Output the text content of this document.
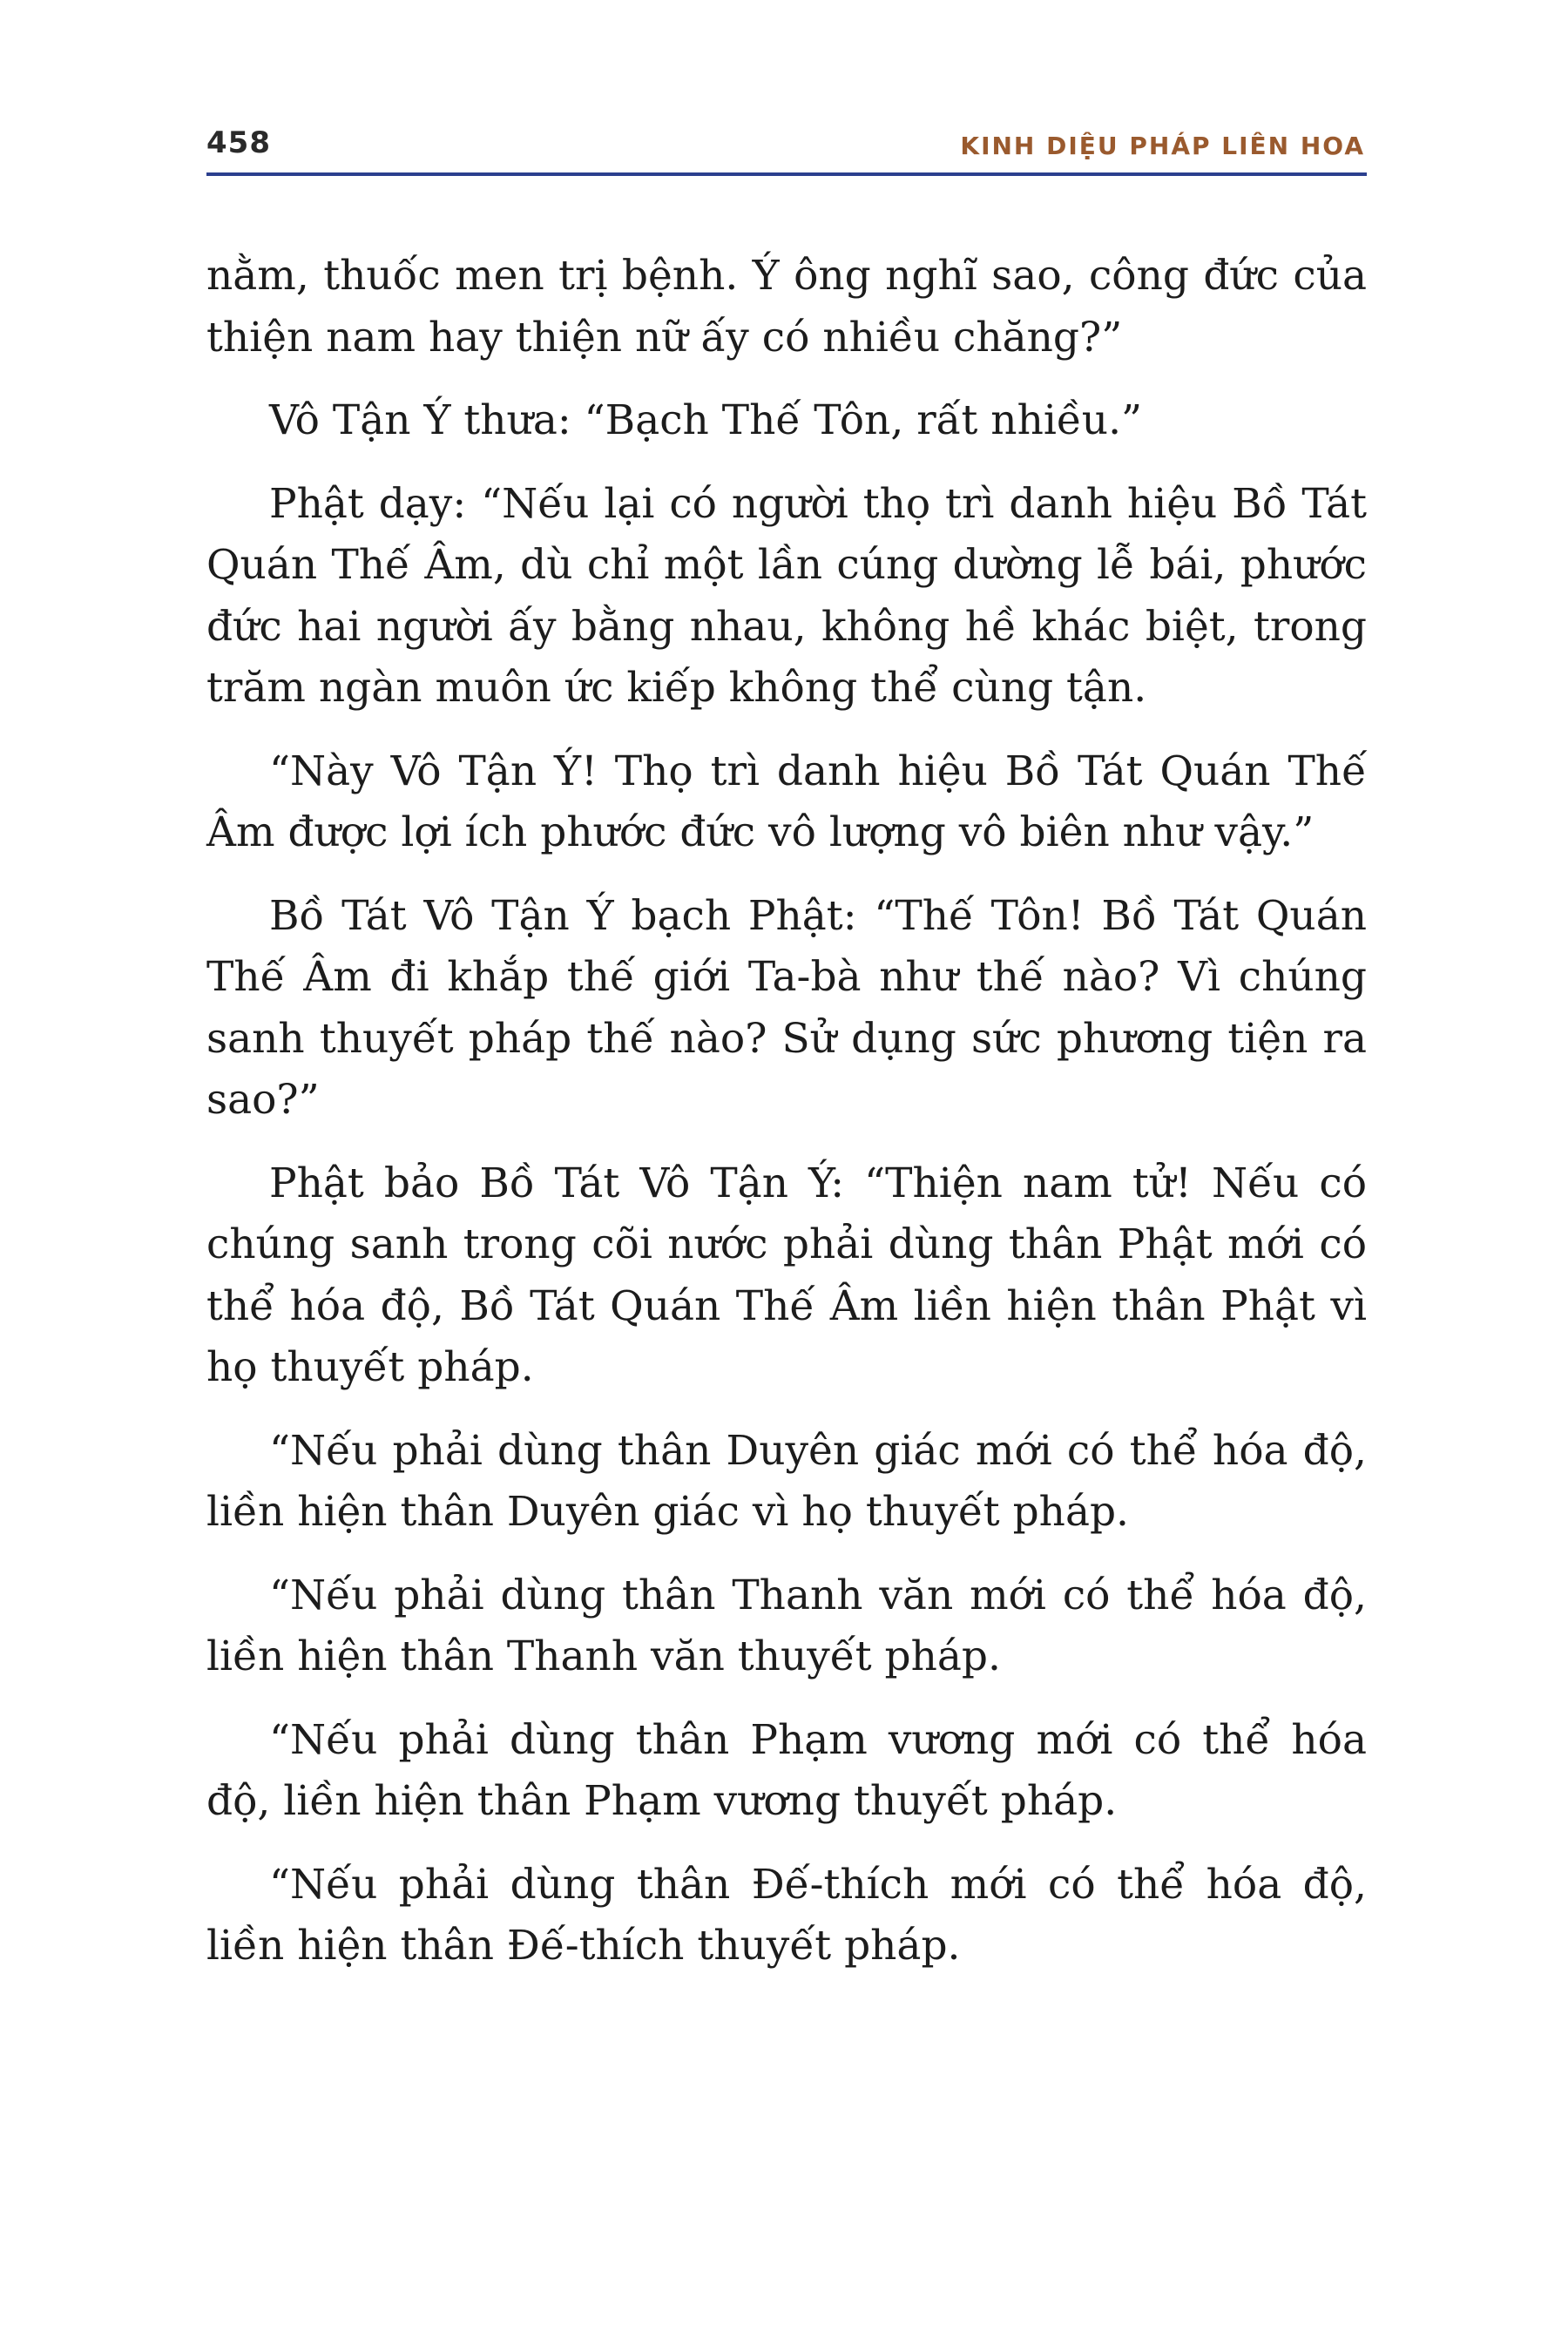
458	KINH DIỆU PHÁP LIÊN HOA

nằm, thuốc men trị bệnh. Ý ông nghĩ sao, công đức của thiện nam hay thiện nữ ấy có nhiều chăng?”

Vô Tận Ý thưa: “Bạch Thế Tôn, rất nhiều.”

Phật dạy: “Nếu lại có người thọ trì danh hiệu Bồ Tát Quán Thế Âm, dù chỉ một lần cúng dường lễ bái, phước đức hai người ấy bằng nhau, không hề khác biệt, trong trăm ngàn muôn ức kiếp không thể cùng tận.

“Này Vô Tận Ý! Thọ trì danh hiệu Bồ Tát Quán Thế Âm được lợi ích phước đức vô lượng vô biên như vậy.”

Bồ Tát Vô Tận Ý bạch Phật: “Thế Tôn! Bồ Tát Quán Thế Âm đi khắp thế giới Ta-bà như thế nào? Vì chúng sanh thuyết pháp thế nào? Sử dụng sức phương tiện ra sao?”

Phật bảo Bồ Tát Vô Tận Ý: “Thiện nam tử! Nếu có chúng sanh trong cõi nước phải dùng thân Phật mới có thể hóa độ, Bồ Tát Quán Thế Âm liền hiện thân Phật vì họ thuyết pháp.

“Nếu phải dùng thân Duyên giác mới có thể hóa độ, liền hiện thân Duyên giác vì họ thuyết pháp.

“Nếu phải dùng thân Thanh văn mới có thể hóa độ, liền hiện thân Thanh văn thuyết pháp.

“Nếu phải dùng thân Phạm vương mới có thể hóa độ, liền hiện thân Phạm vương thuyết pháp.

“Nếu phải dùng thân Đế-thích mới có thể hóa độ, liền hiện thân Đế-thích thuyết pháp.
